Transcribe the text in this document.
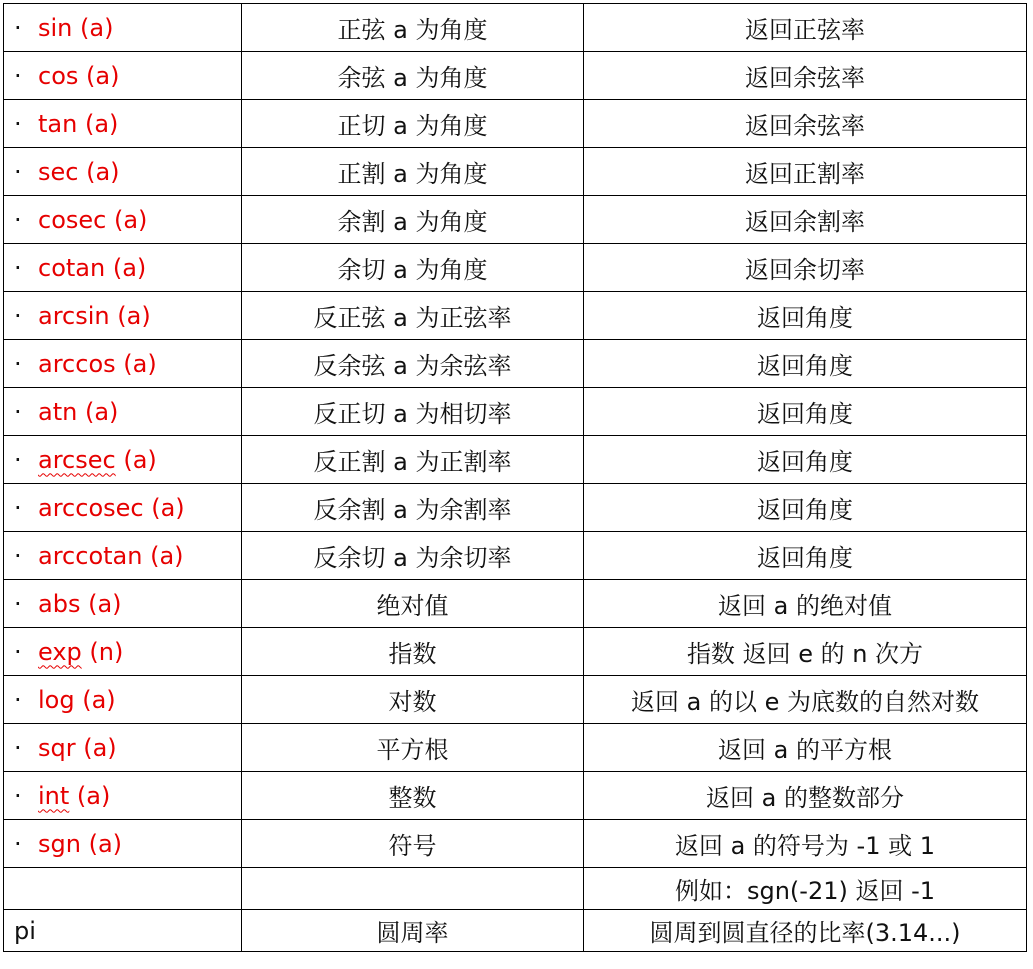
· sin (a)	正弦 a 为角度	返回正弦率
· cos (a)	余弦 a 为角度	返回余弦率
· tan (a)	正切 a 为角度	返回余弦率
· sec (a)	正割 a 为角度	返回正割率
· cosec (a)	余割 a 为角度	返回余割率
· cotan (a)	余切 a 为角度	返回余切率
· arcsin (a)	反正弦 a 为正弦率	返回角度
· arccos (a)	反余弦 a 为余弦率	返回角度
· atn (a)	反正切 a 为相切率	返回角度
· arcsec (a)	反正割 a 为正割率	返回角度
· arccosec (a)	反余割 a 为余割率	返回角度
· arccotan (a)	反余切 a 为余切率	返回角度
· abs (a)	绝对值	返回 a 的绝对值
· exp (n)	指数	指数 返回 e 的 n 次方
· log (a)	对数	返回 a 的以 e 为底数的自然对数
· sqr (a)	平方根	返回 a 的平方根
· int (a)	整数	返回 a 的整数部分
· sgn (a)	符号	返回 a 的符号为 -1 或 1
		例如：sgn(-21) 返回 -1
pi	圆周率	圆周到圆直径的比率(3.14...)
